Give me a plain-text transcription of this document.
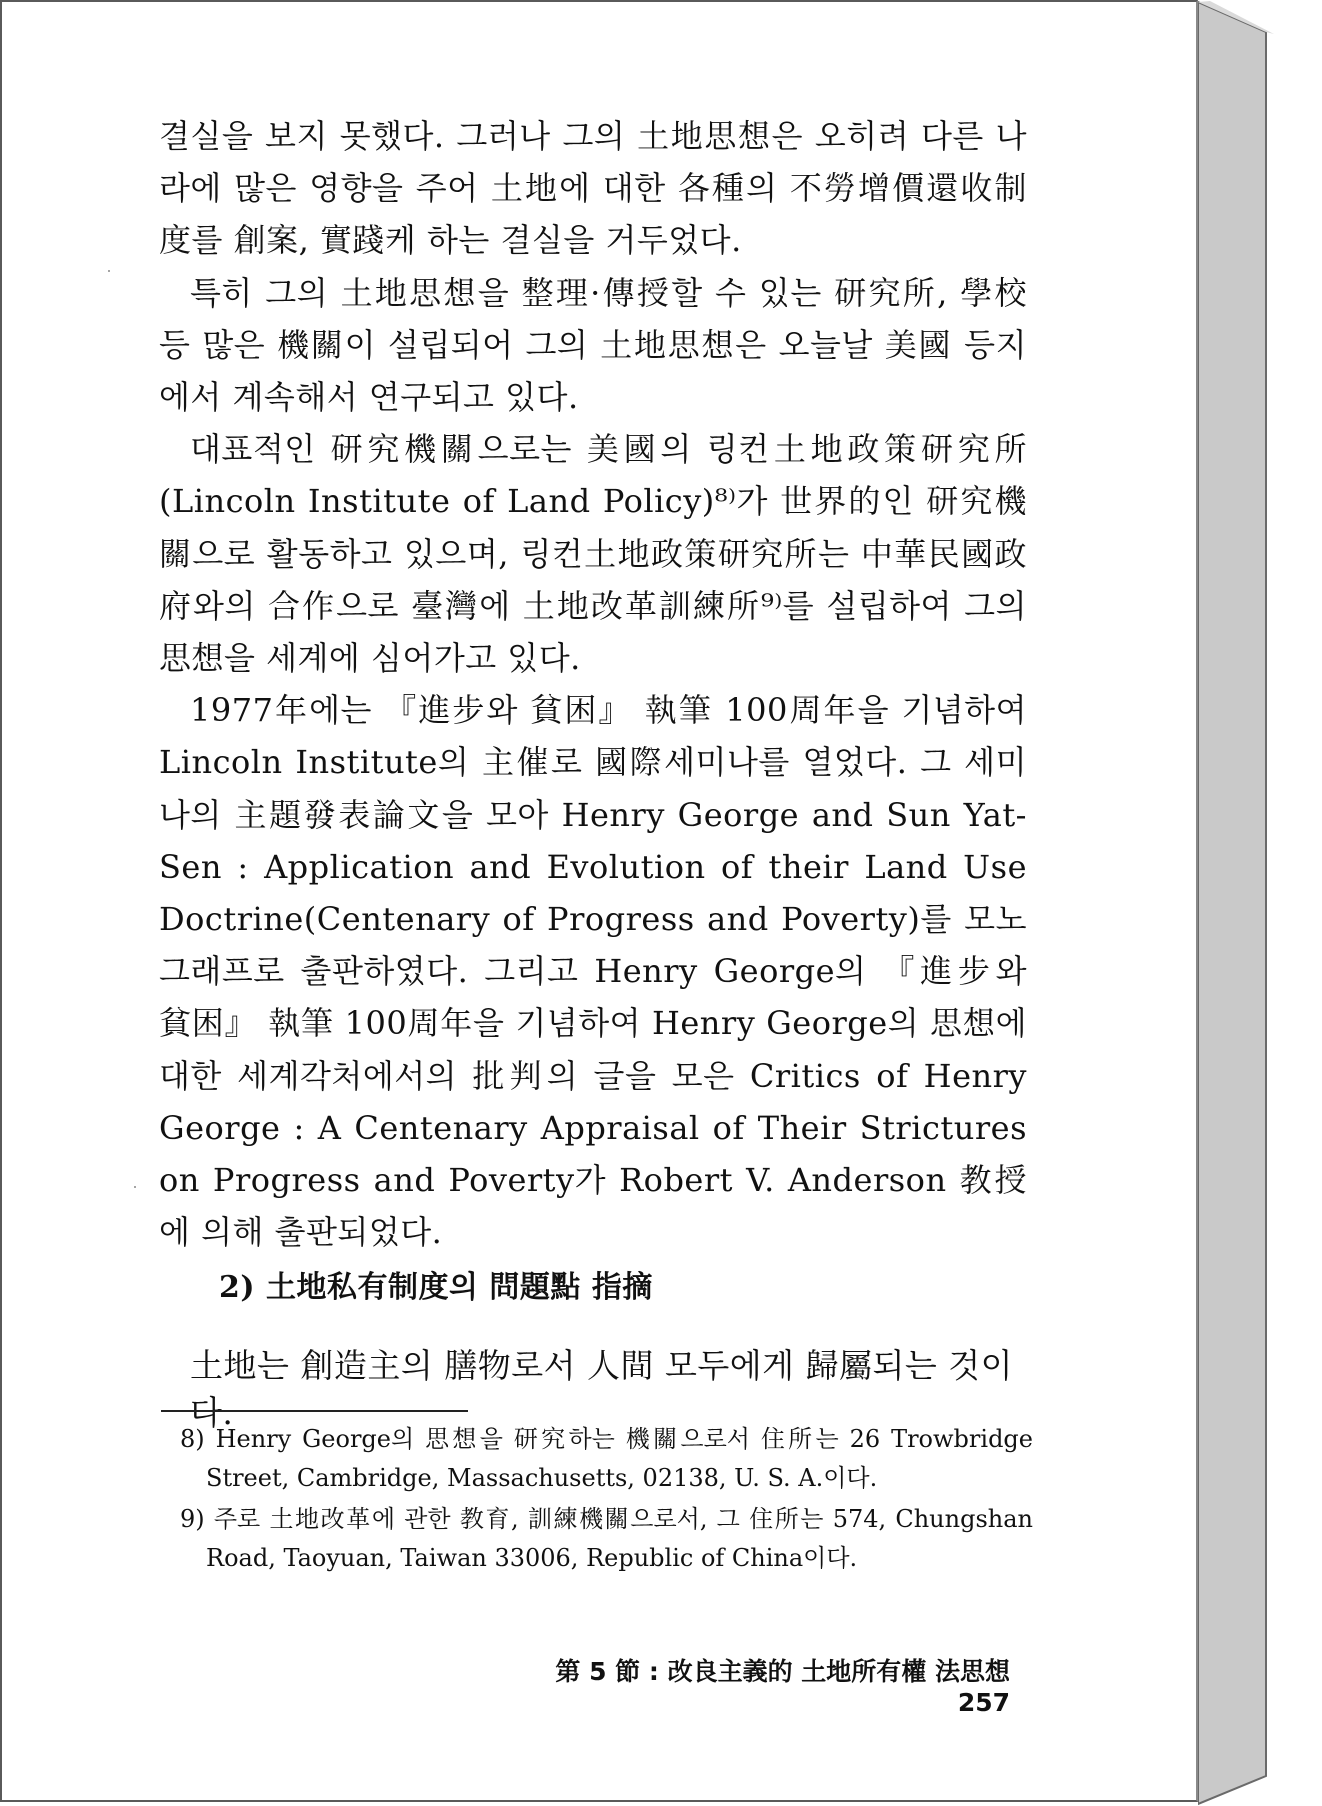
결실을 보지 못했다. 그러나 그의 土地思想은 오히려 다른 나라에 많은 영향을 주어 土地에 대한 各種의 不勞增價還收制度를 創案, 實踐케 하는 결실을 거두었다.

특히 그의 土地思想을 整理·傳授할 수 있는 研究所, 學校 등 많은 機關이 설립되어 그의 土地思想은 오늘날 美國 등지에서 계속해서 연구되고 있다.

대표적인 研究機關으로는 美國의 링컨土地政策研究所(Lincoln Institute of Land Policy)⁸⁾가 世界的인 研究機關으로 활동하고 있으며, 링컨土地政策研究所는 中華民國政府와의 合作으로 臺灣에 土地改革訓練所⁹⁾를 설립하여 그의 思想을 세계에 심어가고 있다.

1977年에는 『進步와 貧困』 執筆 100周年을 기념하여 Lincoln Institute의 主催로 國際세미나를 열었다. 그 세미나의 主題發表論文을 모아 Henry George and Sun Yat-Sen : Application and Evolution of their Land Use Doctrine(Centenary of Progress and Poverty)를 모노그래프로 출판하였다. 그리고 Henry George의 『進步와 貧困』 執筆 100周年을 기념하여 Henry George의 思想에 대한 세계각처에서의 批判의 글을 모은 Critics of Henry George : A Centenary Appraisal of Their Strictures on Progress and Poverty가 Robert V. Anderson 教授에 의해 출판되었다.

2) 土地私有制度의 問題點 指摘
土地는 創造主의 膳物로서 人間 모두에게 歸屬되는 것이다.

8) Henry George의 思想을 研究하는 機關으로서 住所는 26 Trowbridge Street, Cambridge, Massachusetts, 02138, U. S. A.이다.

9) 주로 土地改革에 관한 教育, 訓練機關으로서, 그 住所는 574, Chungshan Road, Taoyuan, Taiwan 33006, Republic of China이다.

第 5 節 : 改良主義的 土地所有權 法思想257
